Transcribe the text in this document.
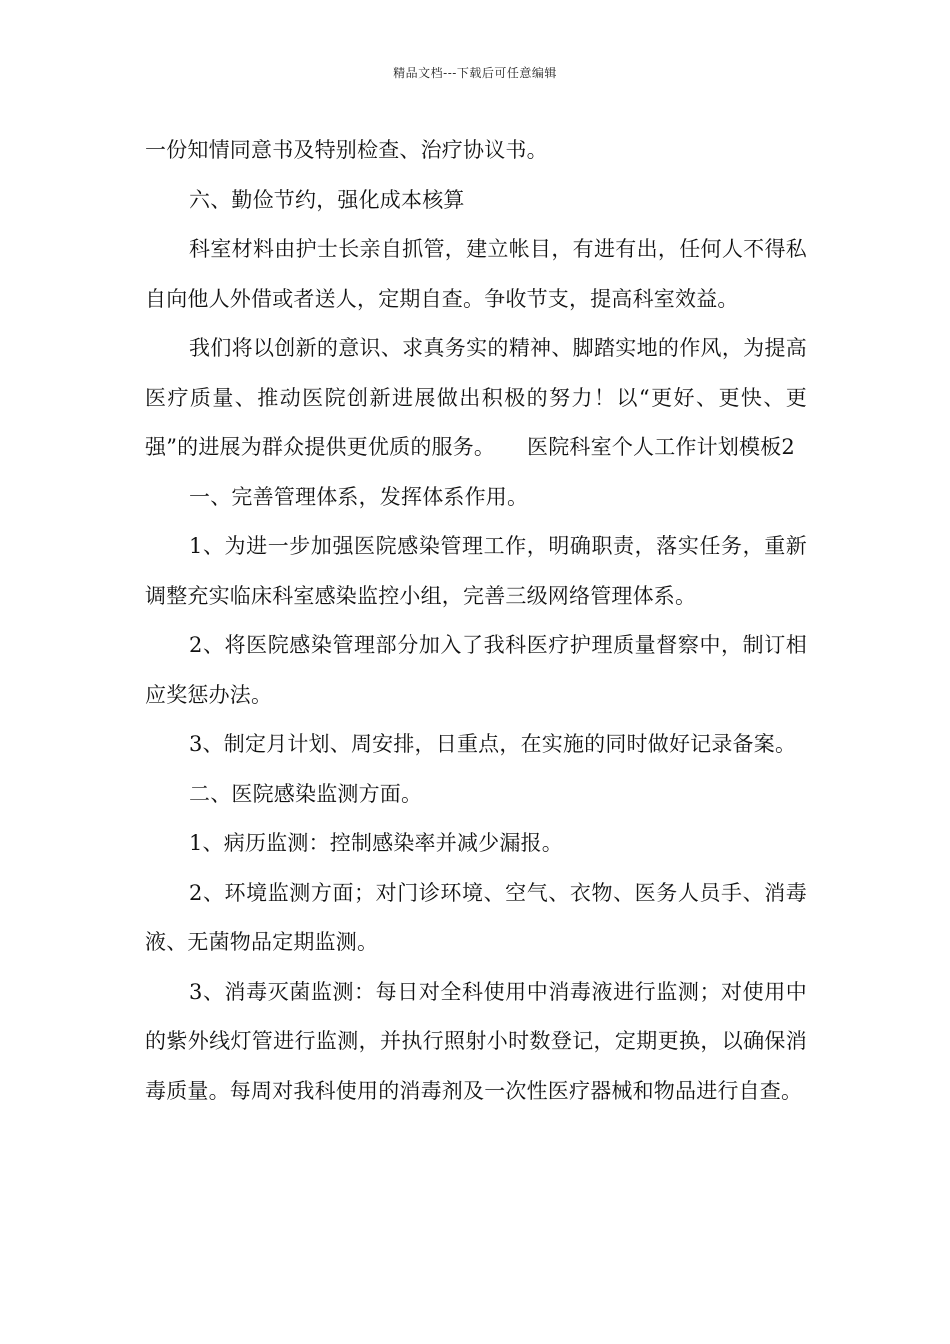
精品文档---下载后可任意编辑

一份知情同意书及特别检查、治疗协议书。

六、勤俭节约，强化成本核算

科室材料由护士长亲自抓管，建立帐目，有进有出，任何人不得私自向他人外借或者送人，定期自查。争收节支，提高科室效益。

我们将以创新的意识、求真务实的精神、脚踏实地的作风，为提高医疗质量、推动医院创新进展做出积极的努力！以“更好、更快、更强”的进展为群众提供更优质的服务。　　医院科室个人工作计划模板2

一、完善管理体系，发挥体系作用。

1、为进一步加强医院感染管理工作，明确职责，落实任务，重新调整充实临床科室感染监控小组，完善三级网络管理体系。

2、将医院感染管理部分加入了我科医疗护理质量督察中，制订相应奖惩办法。

3、制定月计划、周安排，日重点，在实施的同时做好记录备案。

二、医院感染监测方面。

1、病历监测：控制感染率并减少漏报。

2、环境监测方面；对门诊环境、空气、衣物、医务人员手、消毒液、无菌物品定期监测。

3、消毒灭菌监测：每日对全科使用中消毒液进行监测；对使用中的紫外线灯管进行监测，并执行照射小时数登记，定期更换，以确保消毒质量。每周对我科使用的消毒剂及一次性医疗器械和物品进行自查。
